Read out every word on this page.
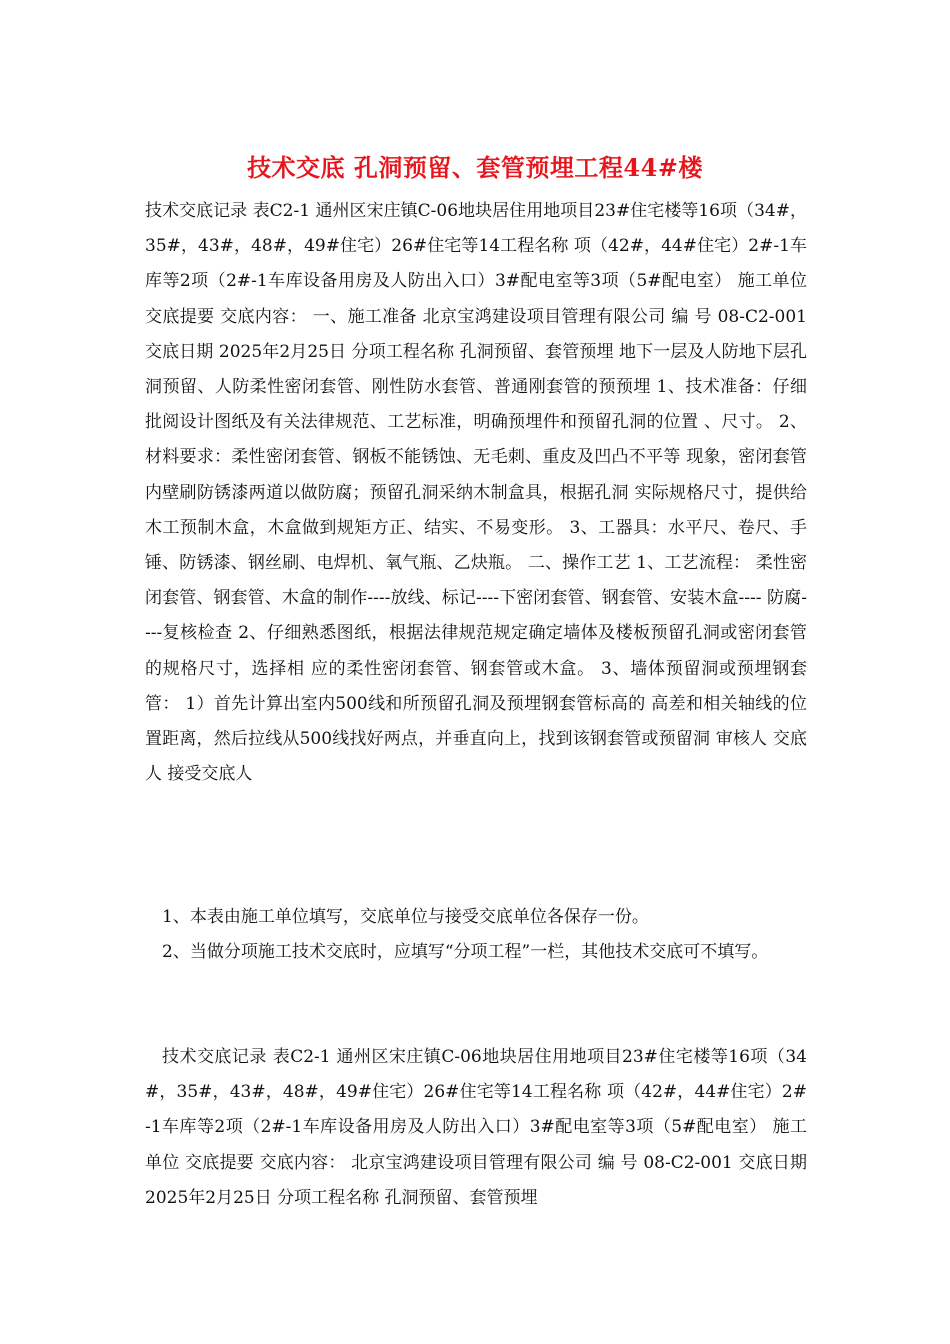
技术交底 孔洞预留、套管预埋工程44#楼

技术交底记录 表C2-1 通州区宋庄镇C-06地块居住用地项目23#住宅楼等16项（34#，35#，43#，48#，49#住宅）26#住宅等14工程名称 项（42#，44#住宅）2#-1车库等2项（2#-1车库设备用房及人防出入口）3#配电室等3项（5#配电室） 施工单位 交底提要 交底内容： 一、施工准备 北京宝鸿建设项目管理有限公司 编 号 08-C2-001 交底日期 2025年2月25日 分项工程名称 孔洞预留、套管预埋 地下一层及人防地下层孔洞预留、人防柔性密闭套管、刚性防水套管、普通刚套管的预预埋 1、技术准备：仔细批阅设计图纸及有关法律规范、工艺标准，明确预埋件和预留孔洞的位置 、尺寸。 2、材料要求：柔性密闭套管、钢板不能锈蚀、无毛刺、重皮及凹凸不平等 现象，密闭套管内壁刷防锈漆两道以做防腐；预留孔洞采纳木制盒具，根据孔洞 实际规格尺寸，提供给木工预制木盒，木盒做到规矩方正、结实、不易变形。 3、工器具：水平尺、卷尺、手锤、防锈漆、钢丝刷、电焊机、氧气瓶、乙炔瓶。 二、操作工艺 1、工艺流程： 柔性密闭套管、钢套管、木盒的制作----放线、标记----下密闭套管、钢套管、安装木盒---- 防腐----复核检查 2、仔细熟悉图纸，根据法律规范规定确定墙体及楼板预留孔洞或密闭套管的规格尺寸，选择相 应的柔性密闭套管、钢套管或木盒。 3、墙体预留洞或预埋钢套管： 1）首先计算出室内500线和所预留孔洞及预埋钢套管标高的 高差和相关轴线的位置距离，然后拉线从500线找好两点，并垂直向上，找到该钢套管或预留洞 审核人 交底人 接受交底人

1、本表由施工单位填写，交底单位与接受交底单位各保存一份。

2、当做分项施工技术交底时，应填写“分项工程”一栏，其他技术交底可不填写。

技术交底记录 表C2-1 通州区宋庄镇C-06地块居住用地项目23#住宅楼等16项（34#，35#，43#，48#，49#住宅）26#住宅等14工程名称 项（42#，44#住宅）2#-1车库等2项（2#-1车库设备用房及人防出入口）3#配电室等3项（5#配电室） 施工单位 交底提要 交底内容： 北京宝鸿建设项目管理有限公司 编 号 08-C2-001 交底日期 2025年2月25日 分项工程名称 孔洞预留、套管预埋
